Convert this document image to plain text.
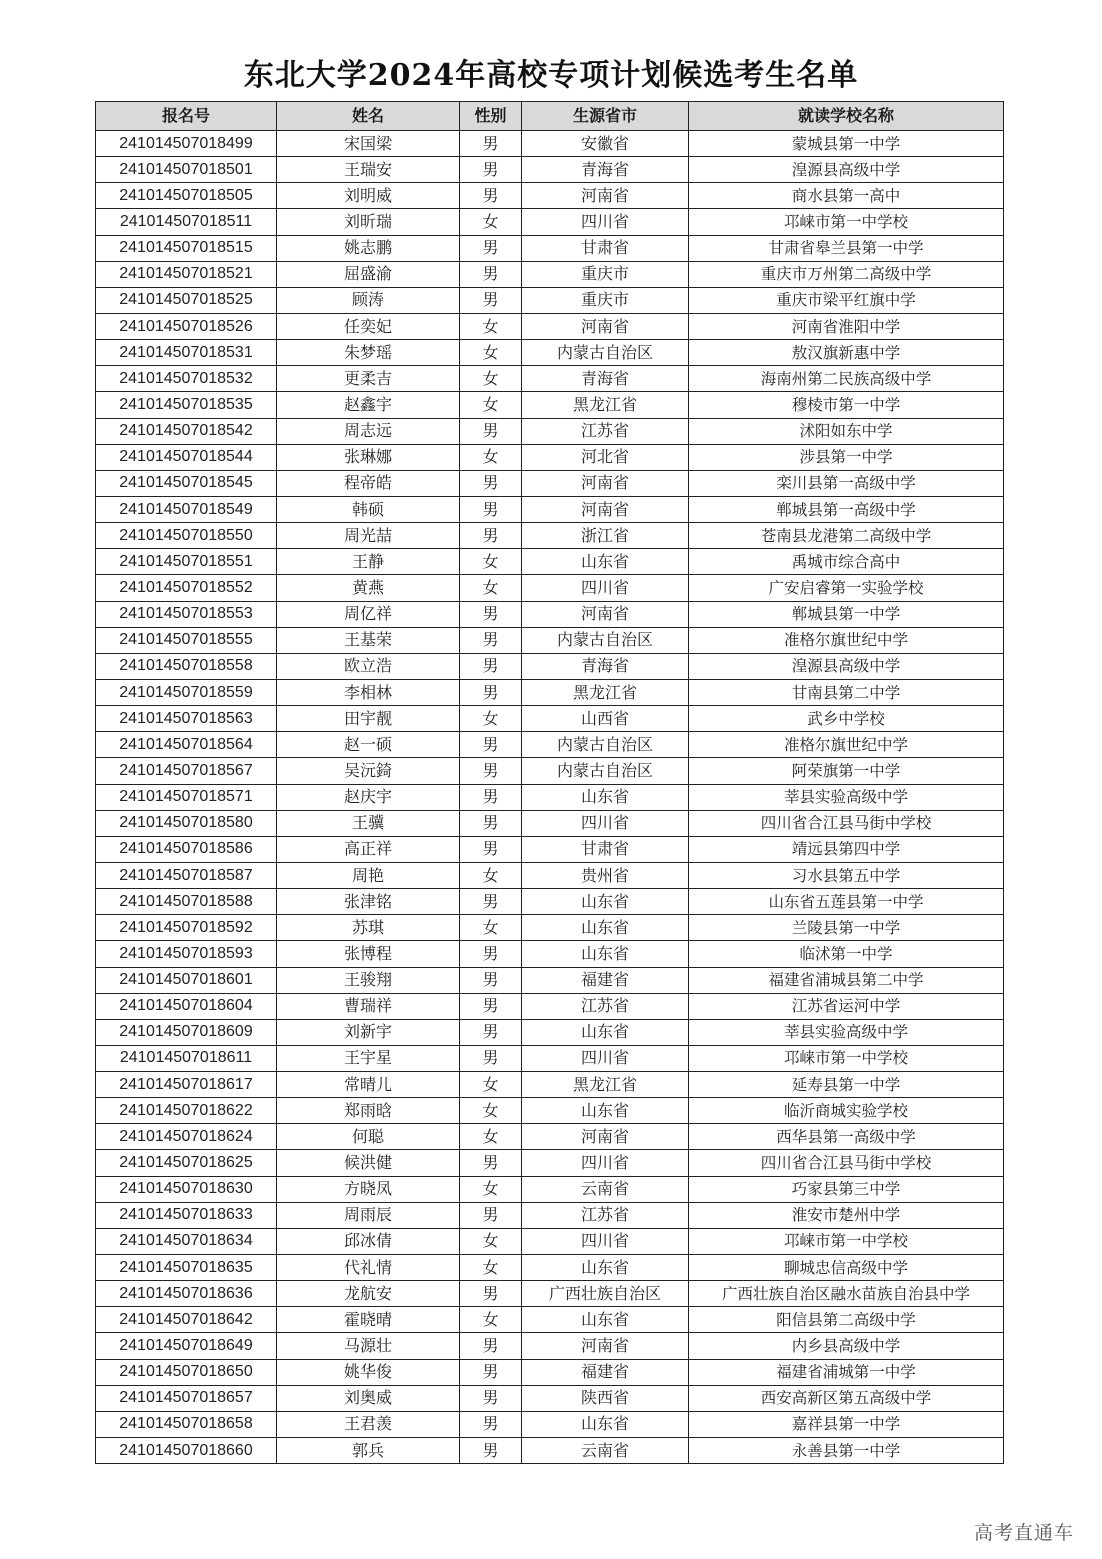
东北大学2024年高校专项计划候选考生名单
报名号	姓名	性别	生源省市	就读学校名称
241014507018499	宋国梁	男	安徽省	蒙城县第一中学
241014507018501	王瑞安	男	青海省	湟源县高级中学
241014507018505	刘明威	男	河南省	商水县第一高中
241014507018511	刘昕瑞	女	四川省	邛崃市第一中学校
241014507018515	姚志鹏	男	甘肃省	甘肃省皋兰县第一中学
241014507018521	屈盛渝	男	重庆市	重庆市万州第二高级中学
241014507018525	顾涛	男	重庆市	重庆市梁平红旗中学
241014507018526	任奕妃	女	河南省	河南省淮阳中学
241014507018531	朱梦瑶	女	内蒙古自治区	敖汉旗新惠中学
241014507018532	更柔吉	女	青海省	海南州第二民族高级中学
241014507018535	赵鑫宇	女	黑龙江省	穆棱市第一中学
241014507018542	周志远	男	江苏省	沭阳如东中学
241014507018544	张琳娜	女	河北省	涉县第一中学
241014507018545	程帝皓	男	河南省	栾川县第一高级中学
241014507018549	韩硕	男	河南省	郸城县第一高级中学
241014507018550	周光喆	男	浙江省	苍南县龙港第二高级中学
241014507018551	王静	女	山东省	禹城市综合高中
241014507018552	黄燕	女	四川省	广安启睿第一实验学校
241014507018553	周亿祥	男	河南省	郸城县第一中学
241014507018555	王基荣	男	内蒙古自治区	准格尔旗世纪中学
241014507018558	欧立浩	男	青海省	湟源县高级中学
241014507018559	李相林	男	黑龙江省	甘南县第二中学
241014507018563	田宇靓	女	山西省	武乡中学校
241014507018564	赵一硕	男	内蒙古自治区	准格尔旗世纪中学
241014507018567	吴沅錡	男	内蒙古自治区	阿荣旗第一中学
241014507018571	赵庆宇	男	山东省	莘县实验高级中学
241014507018580	王骥	男	四川省	四川省合江县马街中学校
241014507018586	高正祥	男	甘肃省	靖远县第四中学
241014507018587	周艳	女	贵州省	习水县第五中学
241014507018588	张津铭	男	山东省	山东省五莲县第一中学
241014507018592	苏琪	女	山东省	兰陵县第一中学
241014507018593	张博程	男	山东省	临沭第一中学
241014507018601	王骏翔	男	福建省	福建省浦城县第二中学
241014507018604	曹瑞祥	男	江苏省	江苏省运河中学
241014507018609	刘新宇	男	山东省	莘县实验高级中学
241014507018611	王宇星	男	四川省	邛崃市第一中学校
241014507018617	常晴儿	女	黑龙江省	延寿县第一中学
241014507018622	郑雨晗	女	山东省	临沂商城实验学校
241014507018624	何聪	女	河南省	西华县第一高级中学
241014507018625	候洪健	男	四川省	四川省合江县马街中学校
241014507018630	方晓凤	女	云南省	巧家县第三中学
241014507018633	周雨辰	男	江苏省	淮安市楚州中学
241014507018634	邱冰倩	女	四川省	邛崃市第一中学校
241014507018635	代礼情	女	山东省	聊城忠信高级中学
241014507018636	龙航安	男	广西壮族自治区	广西壮族自治区融水苗族自治县中学
241014507018642	霍晓晴	女	山东省	阳信县第二高级中学
241014507018649	马源壮	男	河南省	内乡县高级中学
241014507018650	姚华俊	男	福建省	福建省浦城第一中学
241014507018657	刘奥威	男	陕西省	西安高新区第五高级中学
241014507018658	王君羡	男	山东省	嘉祥县第一中学
241014507018660	郭兵	男	云南省	永善县第一中学
高考直通车
